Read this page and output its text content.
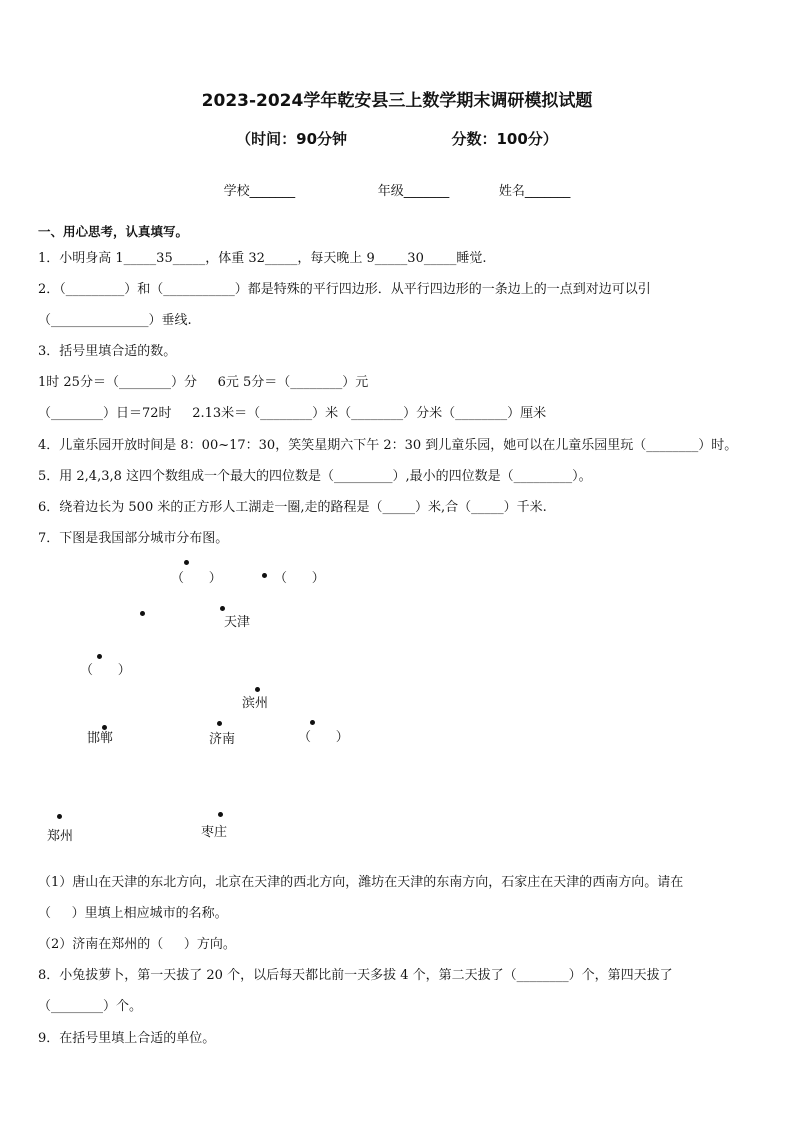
2023-2024学年乾安县三上数学期末调研模拟试题
（时间：90分钟                    分数：100分）
学校_______                    年级_______            姓名_______
一、用心思考，认真填写。
1．小明身高 1_____35_____，体重 32_____，每天晚上 9_____30_____睡觉.
2．（_________）和（___________）都是特殊的平行四边形．从平行四边形的一条边上的一点到对边可以引
（_______________）垂线.
3．括号里填合适的数。
1时 25分＝（________）分     6元 5分＝（________）元
（________）日＝72时     2.13米＝（________）米（________）分米（________）厘米
4．儿童乐园开放时间是 8：00~17：30，笑笑星期六下午 2：30 到儿童乐园，她可以在儿童乐园里玩（________）时。
5．用 2,4,3,8 这四个数组成一个最大的四位数是（_________）,最小的四位数是（_________）。
6．绕着边长为 500 米的正方形人工湖走一圈,走的路程是（_____）米,合（_____）千米.
7．下图是我国部分城市分布图。
（      ）	（      ）
天津
（      ）
滨州
邯郸	济南	（      ）
郑州	枣庄
（1）唐山在天津的东北方向，北京在天津的西北方向，潍坊在天津的东南方向，石家庄在天津的西南方向。请在
（     ）里填上相应城市的名称。
（2）济南在郑州的（     ）方向。
8．小兔拔萝卜，第一天拔了 20 个，以后每天都比前一天多拔 4 个，第二天拔了（________）个，第四天拔了
（________）个。
9．在括号里填上合适的单位。
